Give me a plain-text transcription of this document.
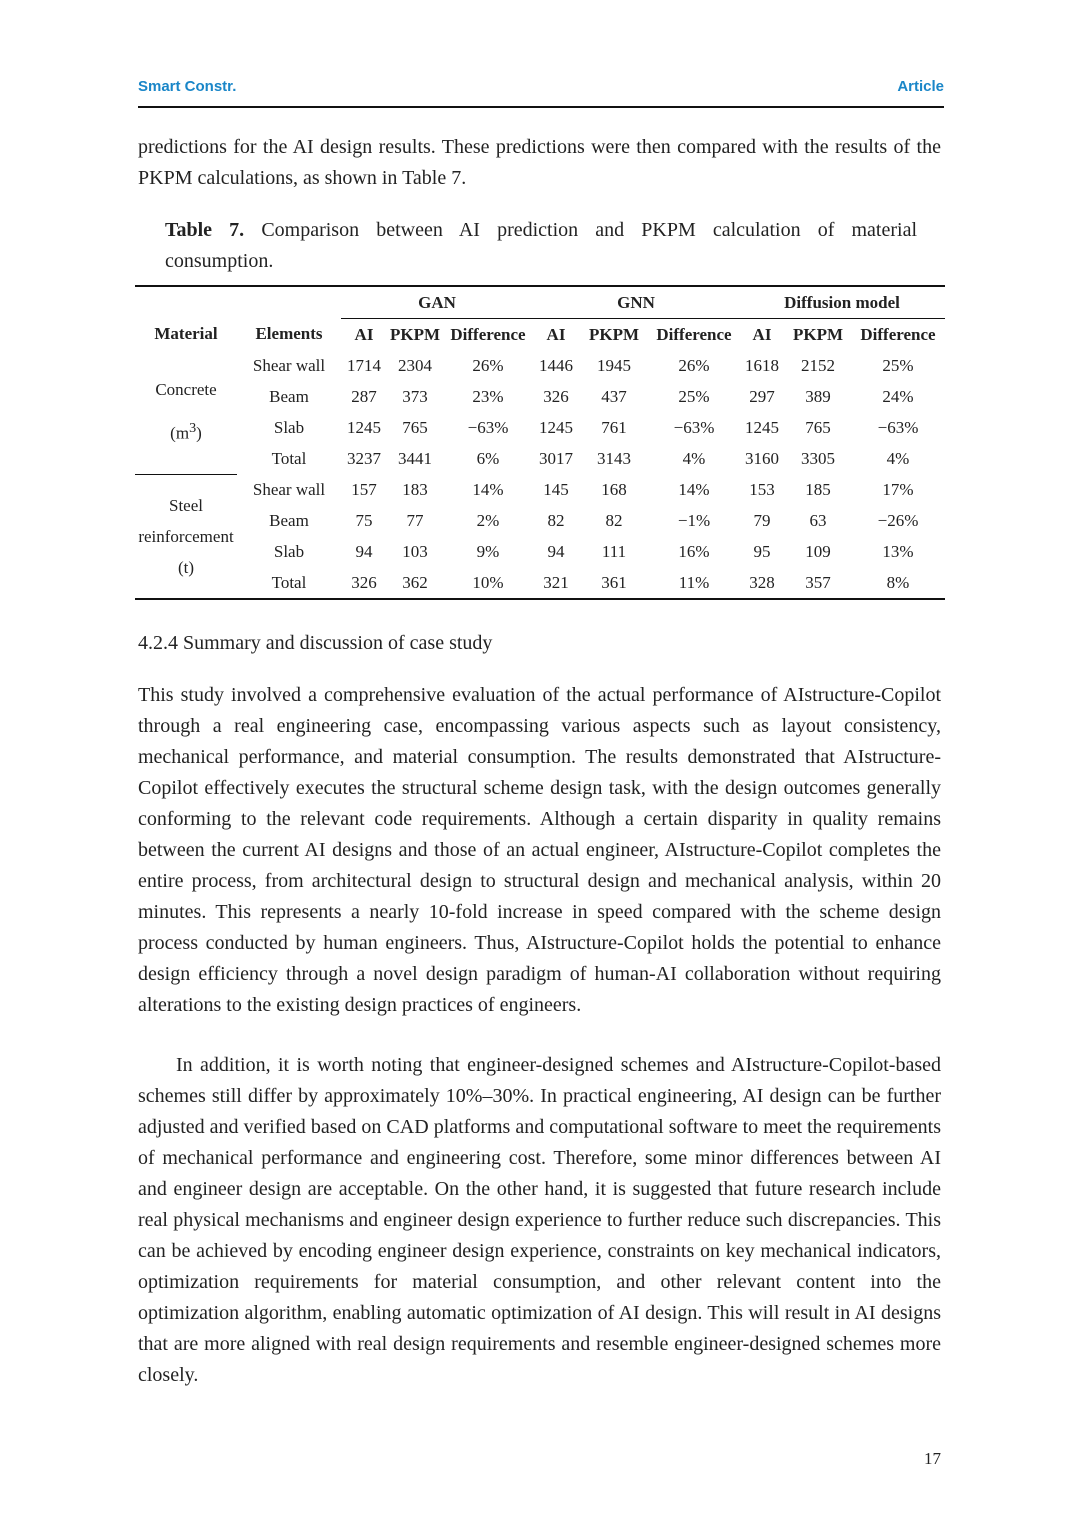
Smart Constr.	Article

predictions for the AI design results. These predictions were then compared with the results of the PKPM calculations, as shown in Table 7.

Table 7. Comparison between AI prediction and PKPM calculation of material consumption.
		GAN			GNN			Diffusion model		
Material	Elements	AI	PKPM	Difference	AI	PKPM	Difference	AI	PKPM	Difference
Concrete
$(m^3)$	Shear wall	1714	2304	26%	1446	1945	26%	1618	2152	25%
	Beam	287	373	23%	326	437	25%	297	389	24%
	Slab	1245	765	−63%	1245	761	−63%	1245	765	−63%
	Total	3237	3441	6%	3017	3143	4%	3160	3305	4%
Steel
reinforcement
(t)	Shear wall	157	183	14%	145	168	14%	153	185	17%
	Beam	75	77	2%	82	82	−1%	79	63	−26%
	Slab	94	103	9%	94	111	16%	95	109	13%
	Total	326	362	10%	321	361	11%	328	357	8%
4.2.4 Summary and discussion of case study

This study involved a comprehensive evaluation of the actual performance of AIstructure-Copilot through a real engineering case, encompassing various aspects such as layout consistency, mechanical performance, and material consumption. The results demonstrated that AIstructure-Copilot effectively executes the structural scheme design task, with the design outcomes generally conforming to the relevant code requirements. Although a certain disparity in quality remains between the current AI designs and those of an actual engineer, AIstructure-Copilot completes the entire process, from architectural design to structural design and mechanical analysis, within 20 minutes. This represents a nearly 10-fold increase in speed compared with the scheme design process conducted by human engineers. Thus, AIstructure-Copilot holds the potential to enhance design efficiency through a novel design paradigm of human-AI collaboration without requiring alterations to the existing design practices of engineers.

In addition, it is worth noting that engineer-designed schemes and AIstructure-Copilot-based schemes still differ by approximately 10%–30%. In practical engineering, AI design can be further adjusted and verified based on CAD platforms and computational software to meet the requirements of mechanical performance and engineering cost. Therefore, some minor differences between AI and engineer design are acceptable. On the other hand, it is suggested that future research include real physical mechanisms and engineer design experience to further reduce such discrepancies. This can be achieved by encoding engineer design experience, constraints on key mechanical indicators, optimization requirements for material consumption, and other relevant content into the optimization algorithm, enabling automatic optimization of AI design. This will result in AI designs that are more aligned with real design requirements and resemble engineer-designed schemes more closely.

17
